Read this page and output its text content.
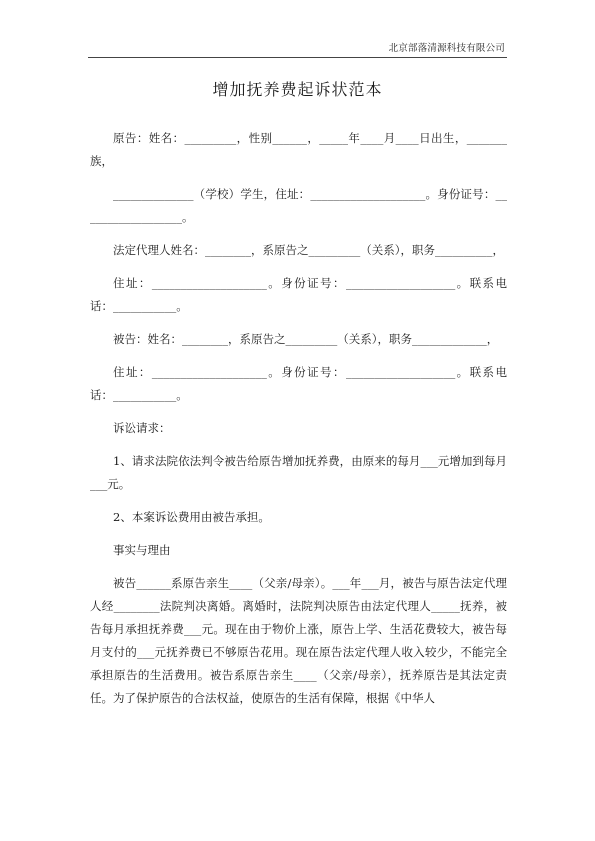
北京部落清源科技有限公司
增加抚养费起诉状范本

原告：姓名：_________，性别______，_____年____月____日出生，_______族，

______________（学校）学生，住址：____________________。身份证号：__________________。

法定代理人姓名：________，系原告之_________（关系），职务__________，

住址：____________________。身份证号：___________________。联系电话：___________。

被告：姓名：________，系原告之_________（关系），职务_____________，

住址：____________________。身份证号：___________________。联系电话：___________。

诉讼请求：

1、请求法院依法判令被告给原告增加抚养费，由原来的每月___元增加到每月___元。

2、本案诉讼费用由被告承担。

事实与理由

被告______系原告亲生____（父亲/母亲）。___年___月，被告与原告法定代理人经________法院判决离婚。离婚时，法院判决原告由法定代理人_____抚养，被告每月承担抚养费___元。现在由于物价上涨，原告上学、生活花费较大，被告每月支付的___元抚养费已不够原告花用。现在原告法定代理人收入较少，不能完全承担原告的生活费用。被告系原告亲生____（父亲/母亲），抚养原告是其法定责任。为了保护原告的合法权益，使原告的生活有保障，根据《中华人
